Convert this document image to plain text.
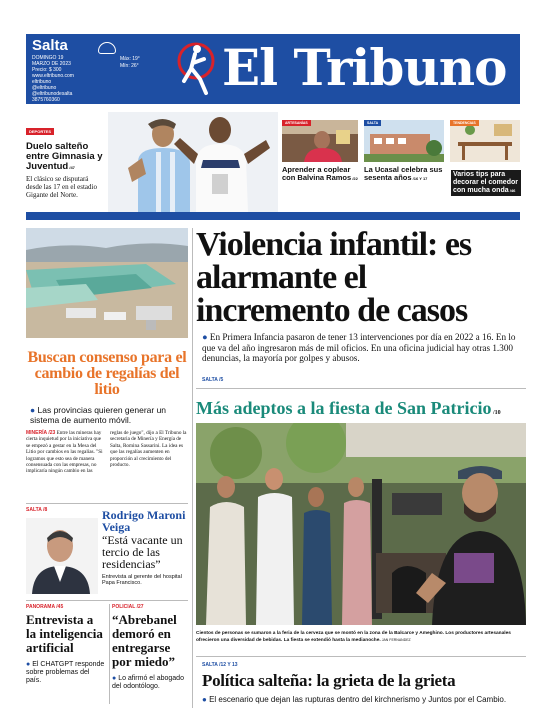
Salta
DOMINGO 19
MARZO DE 2023
Precio: $ 300
www.eltribuno.com
eltribuno
@eltribuno
@eltribunodesalta
3875760360
Máx: 19°
Mín: 26° El Tribuno
DEPORTES
Duelo salteño entre Gimnasia y Juventud /47
El clásico se disputará desde las 17 en el estadio Gigante del Norte.
ARTESANÍAS
Aprender a coplear con Balvina Ramos /22
SALTA
La Ucasal celebra sus sesenta años /16 Y 17
TENDENCIAS
Varios tips para decorar el comedor con mucha onda /46
Buscan consenso para el cambio de regalías del litio
● Las provincias quieren generar un sistema de aumento móvil.
MINERÍA /23 Entre las mineras hay cierta inquietud por la iniciativa que se empezó a gestar en la Mesa del Litio por cambios en las regalías. "Si logramos que esto sea de manera consensuada con las empresas, no implicaría ningún cambio en las reglas de juego", dijo a El Tribuno la secretaria de Minería y Energía de Salta, Romina Sassarini. La idea es que las regalías aumenten en proporción al crecimiento del producto.
SALTA /8	Rodrigo Maroni Veiga
“Está vacante un tercio de las residencias”
Entrevista al gerente del hospital Papa Francisco.
PANORAMA /45
Entrevista a la inteligencia artificial
● El CHATGPT responde sobre problemas del país.
POLICIAL /27
“Abrebanel demoró en entregarse por miedo”
● Lo afirmó el abogado del odontólogo.
Violencia infantil: es alarmante el incremento de casos
● En Primera Infancia pasaron de tener 13 intervenciones por día en 2022 a 16. En lo que va del año ingresaron más de mil oficios. En una oficina judicial hay otras 1.300 denuncias, la mayoría por golpes y abusos.
SALTA /5
Más adeptos a la fiesta de San Patricio /10
Cientos de personas se sumaron a la feria de la cerveza que se montó en la zona de la Balcarce y Ameghino. Los productores artesanales ofrecieron una diversidad de bebidas. La fiesta se extendió hasta la medianoche. JAN FERNANDEZ
SALTA /12 Y 13
Política salteña: la grieta de la grieta
● El escenario que dejan las rupturas dentro del kirchnerismo y Juntos por el Cambio.
